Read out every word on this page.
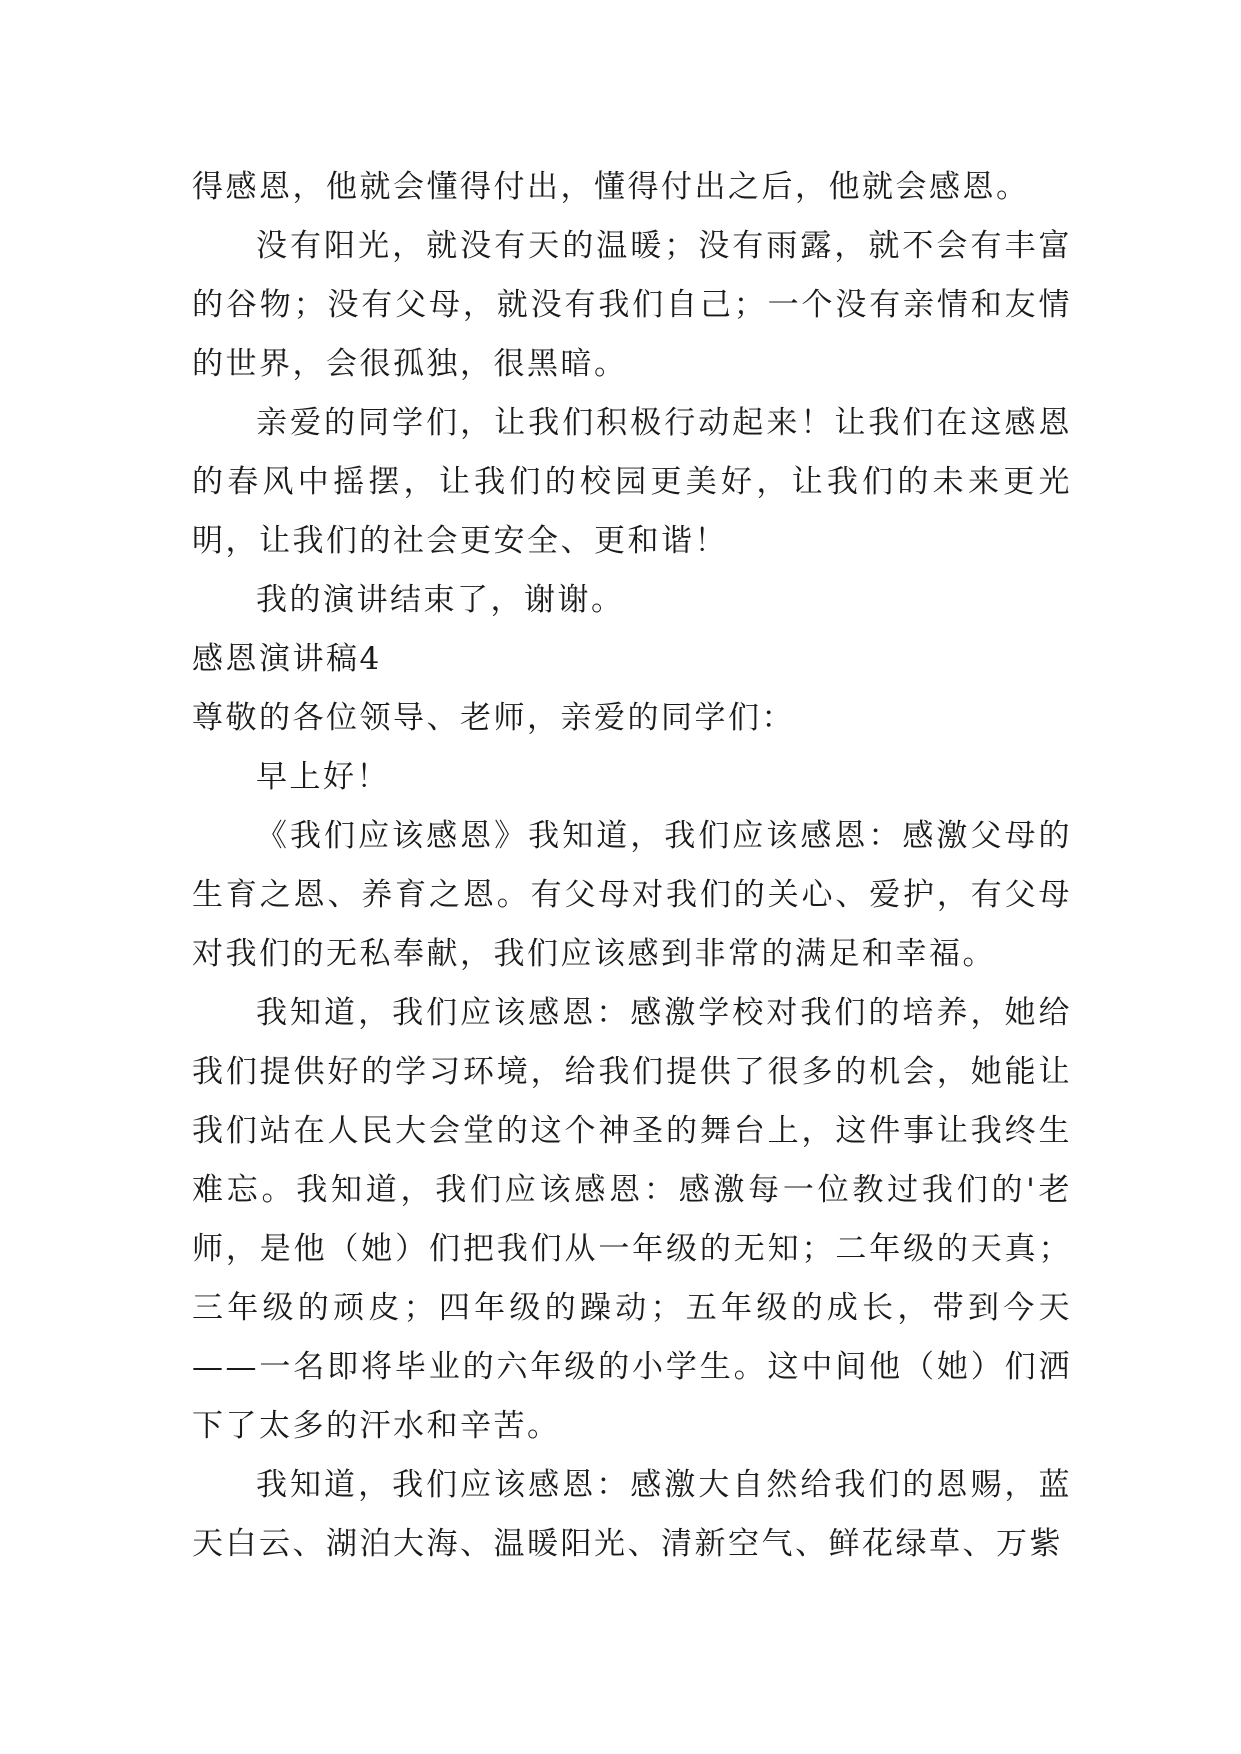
得感恩，他就会懂得付出，懂得付出之后，他就会感恩。

没有阳光，就没有天的温暖；没有雨露，就不会有丰富的谷物；没有父母，就没有我们自己；一个没有亲情和友情的世界，会很孤独，很黑暗。

亲爱的同学们，让我们积极行动起来！让我们在这感恩的春风中摇摆，让我们的校园更美好，让我们的未来更光明，让我们的社会更安全、更和谐！

我的演讲结束了，谢谢。

感恩演讲稿4

尊敬的各位领导、老师，亲爱的同学们：

早上好！

《我们应该感恩》我知道，我们应该感恩：感激父母的生育之恩、养育之恩。有父母对我们的关心、爱护，有父母对我们的无私奉献，我们应该感到非常的满足和幸福。

我知道，我们应该感恩：感激学校对我们的培养，她给我们提供好的学习环境，给我们提供了很多的机会，她能让我们站在人民大会堂的这个神圣的舞台上，这件事让我终生难忘。我知道，我们应该感恩：感激每一位教过我们的'老师，是他（她）们把我们从一年级的无知；二年级的天真；三年级的顽皮；四年级的躁动；五年级的成长，带到今天——一名即将毕业的六年级的小学生。这中间他（她）们洒下了太多的汗水和辛苦。

我知道，我们应该感恩：感激大自然给我们的恩赐，蓝天白云、湖泊大海、温暖阳光、清新空气、鲜花绿草、万紫
